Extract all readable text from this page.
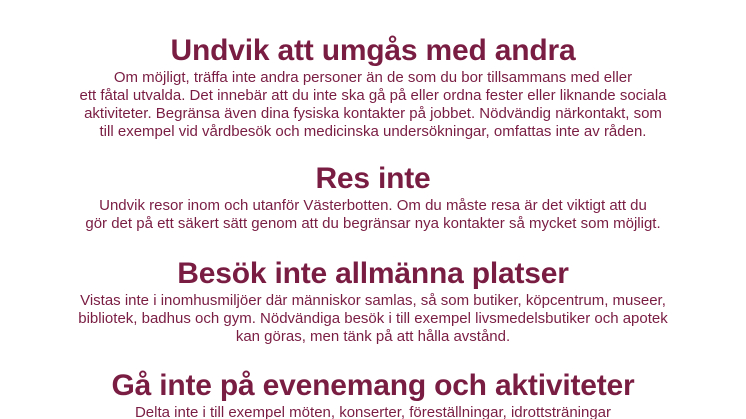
Undvik att umgås med andra

Om möjligt, träffa inte andra personer än de som du bor tillsammans med eller
ett fåtal utvalda. Det innebär att du inte ska gå på eller ordna fester eller liknande sociala
aktiviteter. Begränsa även dina fysiska kontakter på jobbet. Nödvändig närkontakt, som
till exempel vid vårdbesök och medicinska undersökningar, omfattas inte av råden.

Res inte

Undvik resor inom och utanför Västerbotten. Om du måste resa är det viktigt att du
gör det på ett säkert sätt genom att du begränsar nya kontakter så mycket som möjligt.

Besök inte allmänna platser

Vistas inte i inomhusmiljöer där människor samlas, så som butiker, köpcentrum, museer,
bibliotek, badhus och gym. Nödvändiga besök i till exempel livsmedelsbutiker och apotek
kan göras, men tänk på att hålla avstånd.

Gå inte på evenemang och aktiviteter

Delta inte i till exempel möten, konserter, föreställningar, idrottsträningar
